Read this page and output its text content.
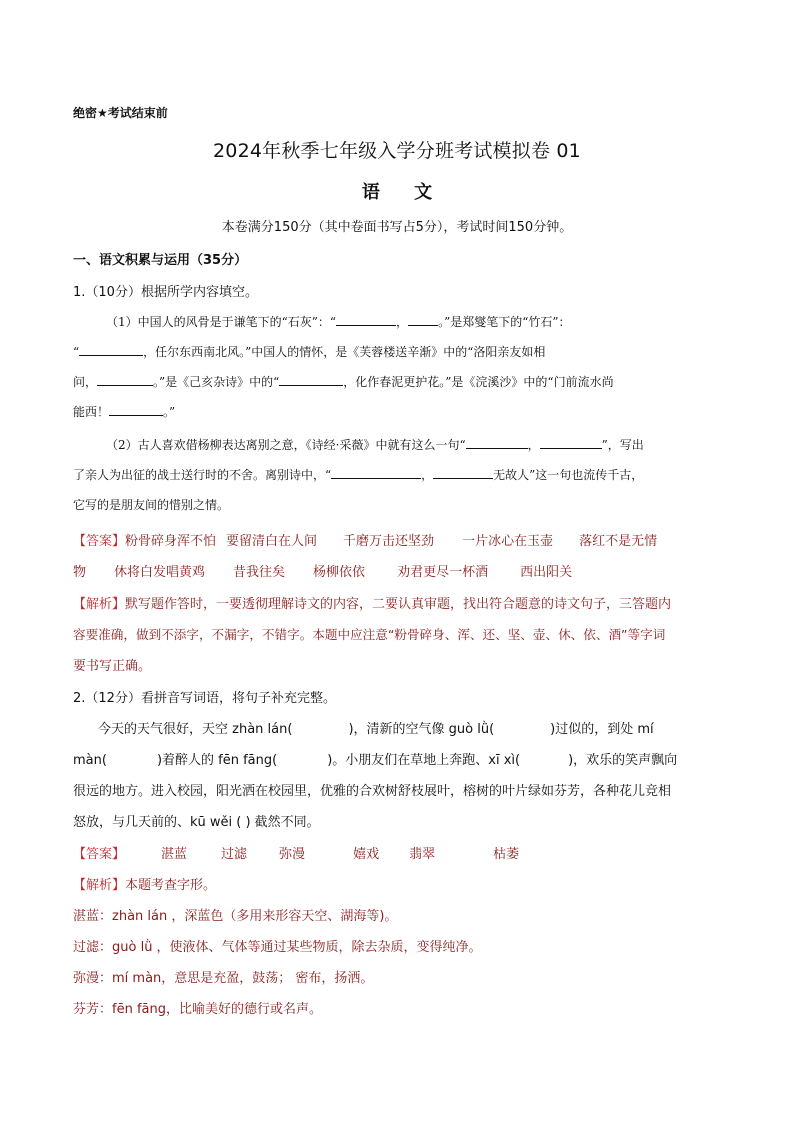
绝密★考试结束前
2024年秋季七年级入学分班考试模拟卷 01
语 文
本卷满分150分（其中卷面书写占5分），考试时间150分钟。
一、语文积累与运用（35分）
1.（10分）根据所学内容填空。
（1）中国人的风骨是于谦笔下的“石灰”：“	，	。”是郑燮笔下的“竹石”：
“	，任尔东西南北风。”中国人的情怀，是《芙蓉楼送辛渐》中的“洛阳亲友如相
问，	。”是《己亥杂诗》中的“	，化作春泥更护花。”是《浣溪沙》中的“门前流水尚
能西！	。”
（2）古人喜欢借杨柳表达离别之意，《诗经·采薇》中就有这么一句“	，	”，写出
了亲人为出征的战士送行时的不舍。离别诗中，“	，	无故人”这一句也流传千古，
它写的是朋友间的惜别之情。
【答案】粉骨碎身浑不怕 要留清白在人间 千磨万击还坚劲 一片冰心在玉壶 落红不是无情
物 休将白发唱黄鸡 昔我往矣 杨柳依依 劝君更尽一杯酒 西出阳关
【解析】默写题作答时，一要透彻理解诗文的内容，二要认真审题，找出符合题意的诗文句子，三答题内
容要准确，做到不添字，不漏字，不错字。本题中应注意“粉骨碎身、浑、还、坚、壶、休、依、酒”等字词
要书写正确。
2.（12分）看拼音写词语，将句子补充完整。
今天的天气很好，天空 zhàn lán(	)，清新的空气像 guò lǜ(	)过似的，到处 mí
màn(	)着醉人的 fēn fāng(	)。小朋友们在草地上奔跑、xī xì(	)，欢乐的笑声飘向
很远的地方。进入校园，阳光洒在校园里，优雅的合欢树舒枝展叶，榕树的叶片绿如芬芳，各种花儿竞相
怒放，与几天前的、kū wěi ( ) 截然不同。
【答案】	湛蓝	过滤 弥漫	嬉戏 翡翠	枯萎
【解析】本题考查字形。
湛蓝：zhàn lán ，深蓝色（多用来形容天空、湖海等)。
过滤：guò lǜ ，使液体、气体等通过某些物质，除去杂质，变得纯净。
弥漫：mí màn，意思是充盈，鼓荡； 密布，扬洒。
芬芳：fēn fāng，比喻美好的德行或名声。
